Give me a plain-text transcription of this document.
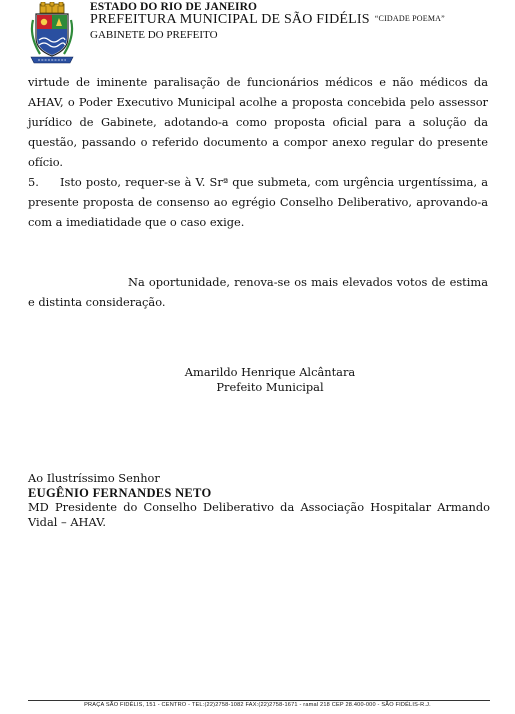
ESTADO DO RIO DE JANEIRO
PREFEITURA MUNICIPAL DE SÃO FIDÉLIS “CIDADE POEMA”
GABINETE DO PREFEITO

virtude de iminente paralisação de funcionários médicos e não médicos da AHAV, o Poder Executivo Municipal acolhe a proposta concebida pelo assessor jurídico de Gabinete, adotando-a como proposta oficial para a solução da questão, passando o referido documento a compor anexo regular do presente ofício.

5. Isto posto, requer-se à V. Srª que submeta, com urgência urgentíssima, a presente proposta de consenso ao egrégio Conselho Deliberativo, aprovando-a com a imediatidade que o caso exige.

Na oportunidade, renova-se os mais elevados votos de estima e distinta consideração.

Amarildo Henrique Alcântara
Prefeito Municipal
Ao Ilustríssimo Senhor
EUGÊNIO FERNANDES NETO

MD Presidente do Conselho Deliberativo da Associação Hospitalar Armando Vidal – AHAV.

PRAÇA SÃO FIDÉLIS, 151 - CENTRO - TEL:(22)2758-1082 FAX:(22)2758-1671 - ramal 218 CEP 28.400-000 - SÃO FIDÉLIS-R.J.
